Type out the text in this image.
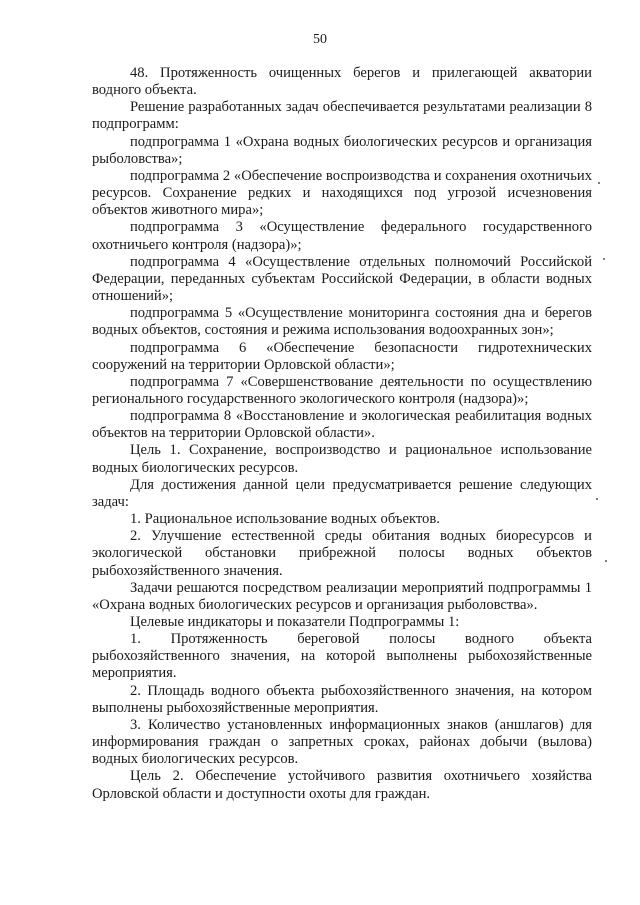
50

48. Протяженность очищенных берегов и прилегающей акватории водного объекта.

Решение разработанных задач обеспечивается результатами реализации 8 подпрограмм:

подпрограмма 1 «Охрана водных биологических ресурсов и организация рыболовства»;

подпрограмма 2 «Обеспечение воспроизводства и сохранения охотничьих ресурсов. Сохранение редких и находящихся под угрозой исчезновения объектов животного мира»;

подпрограмма 3 «Осуществление федерального государственного охотничьего контроля (надзора)»;

подпрограмма 4 «Осуществление отдельных полномочий Российской Федерации, переданных субъектам Российской Федерации, в области водных отношений»;

подпрограмма 5 «Осуществление мониторинга состояния дна и берегов водных объектов, состояния и режима использования водоохранных зон»;

подпрограмма 6 «Обеспечение безопасности гидротехнических сооружений на территории Орловской области»;

подпрограмма 7 «Совершенствование деятельности по осуществлению регионального государственного экологического контроля (надзора)»;

подпрограмма 8 «Восстановление и экологическая реабилитация водных объектов на территории Орловской области».

Цель 1. Сохранение, воспроизводство и рациональное использование водных биологических ресурсов.

Для достижения данной цели предусматривается решение следующих задач:

1. Рациональное использование водных объектов.

2. Улучшение естественной среды обитания водных биоресурсов и экологической обстановки прибрежной полосы водных объектов рыбохозяйственного значения.

Задачи решаются посредством реализации мероприятий подпрограммы 1 «Охрана водных биологических ресурсов и организация рыболовства».

Целевые индикаторы и показатели Подпрограммы 1:

1. Протяженность береговой полосы водного объекта рыбохозяйственного значения, на которой выполнены рыбохозяйственные мероприятия.

2. Площадь водного объекта рыбохозяйственного значения, на котором выполнены рыбохозяйственные мероприятия.

3. Количество установленных информационных знаков (аншлагов) для информирования граждан о запретных сроках, районах добычи (вылова) водных биологических ресурсов.

Цель 2. Обеспечение устойчивого развития охотничьего хозяйства Орловской области и доступности охоты для граждан.
